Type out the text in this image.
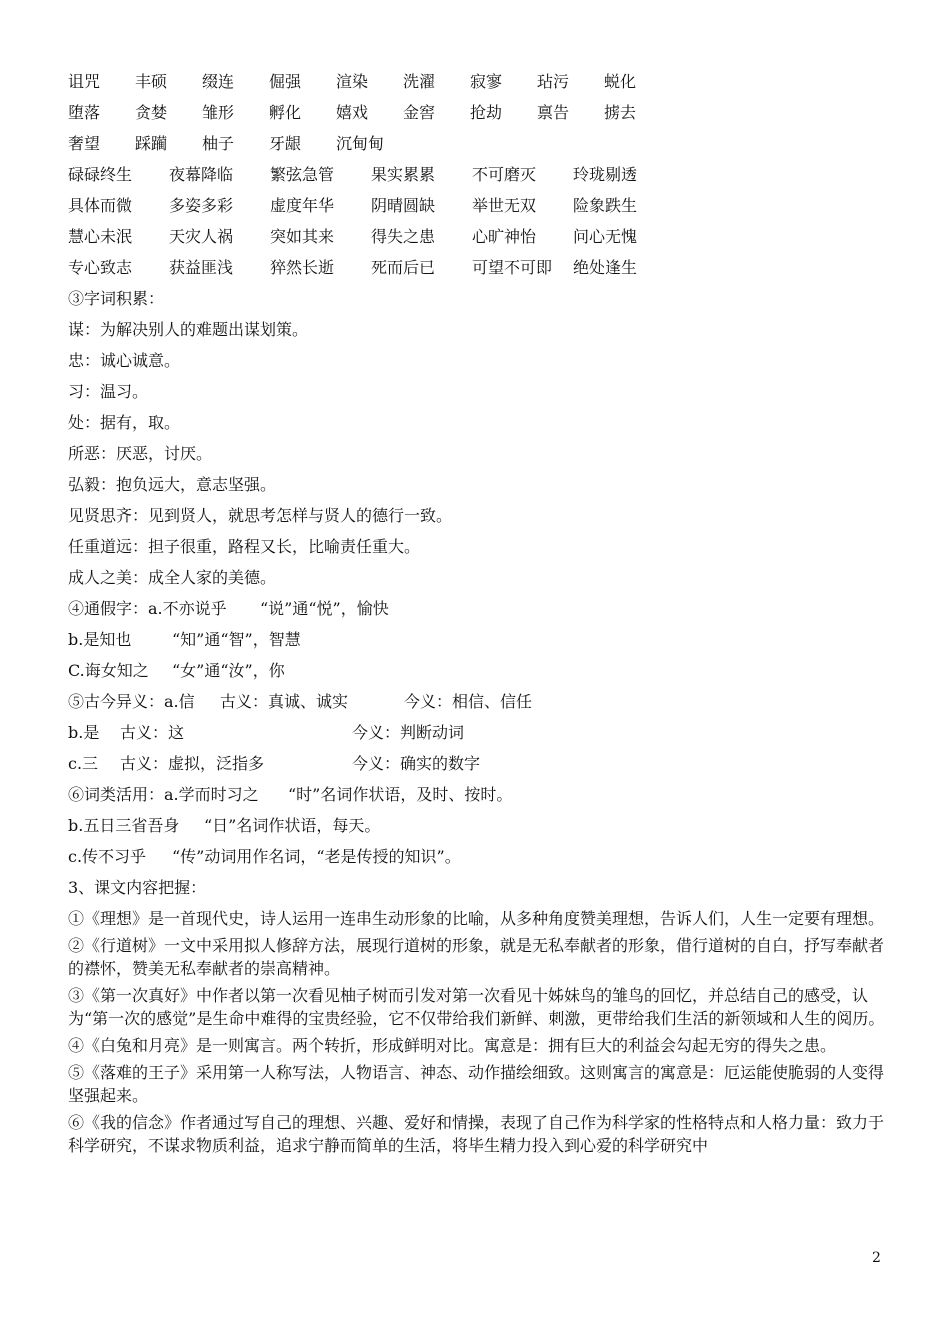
诅咒	丰硕	缀连	倔强	渲染	洗濯	寂寥	玷污	蜕化
堕落	贪婪	雏形	孵化	嬉戏	金窖	抢劫	禀告	掳去
奢望	踩躏	柚子	牙龈	沉甸甸
碌碌终生	夜幕降临	繁弦急管	果实累累	不可磨灭	玲珑剔透
具体而微	多姿多彩	虚度年华	阴晴圆缺	举世无双	险象跌生
慧心未泯	天灾人祸	突如其来	得失之患	心旷神怡	问心无愧
专心致志	获益匪浅	猝然长逝	死而后已	可望不可即	绝处逢生
③字词积累：
谋：为解决别人的难题出谋划策。
忠：诚心诚意。
习：温习。
处：据有，取。
所恶：厌恶，讨厌。
弘毅：抱负远大，意志坚强。
见贤思齐：见到贤人，就思考怎样与贤人的德行一致。
任重道远：担子很重，路程又长，比喻责任重大。
成人之美：成全人家的美德。
④通假字：a.不亦说乎 “说”通“悦”，愉快
b.是知也	“知”通“智”，智慧
C.诲女知之 “女”通“汝”，你
⑤古今异义：a.信 古义：真诚、诚实	今义：相信、信任
b.是 古义：这	今义：判断动词
c.三 古义：虚拟，泛指多	今义：确实的数字
⑥词类活用：a.学而时习之 “时”名词作状语，及时、按时。
b.五日三省吾身 “日”名词作状语，每天。
c.传不习乎 “传”动词用作名词，“老是传授的知识”。
3、课文内容把握：

①《理想》是一首现代史，诗人运用一连串生动形象的比喻，从多种角度赞美理想，告诉人们，人生一定要有理想。

②《行道树》一文中采用拟人修辞方法，展现行道树的形象，就是无私奉献者的形象，借行道树的自白，抒写奉献者的襟怀，赞美无私奉献者的崇高精神。

③《第一次真好》中作者以第一次看见柚子树而引发对第一次看见十姊妹鸟的雏鸟的回忆，并总结自己的感受，认为“第一次的感觉”是生命中难得的宝贵经验，它不仅带给我们新鲜、刺激，更带给我们生活的新领域和人生的阅历。

④《白兔和月亮》是一则寓言。两个转折，形成鲜明对比。寓意是：拥有巨大的利益会勾起无穷的得失之患。

⑤《落难的王子》采用第一人称写法，人物语言、神态、动作描绘细致。这则寓言的寓意是：厄运能使脆弱的人变得坚强起来。

⑥《我的信念》作者通过写自己的理想、兴趣、爱好和情操，表现了自己作为科学家的性格特点和人格力量：致力于科学研究，不谋求物质利益，追求宁静而简单的生活，将毕生精力投入到心爱的科学研究中

2
